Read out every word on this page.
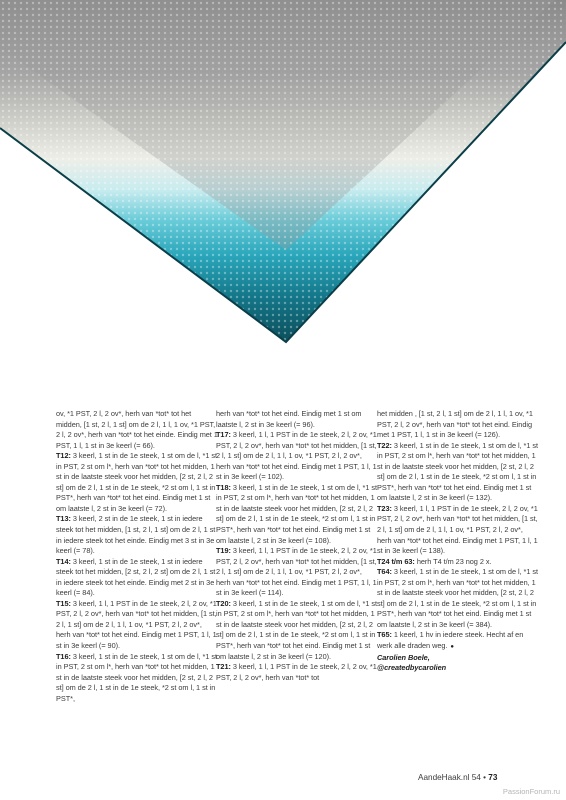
ov, *1 PST, 2 l, 2 ov*, herh van *tot* tot het midden, [1 st, 2 l, 1 st] om de 2 l, 1 l, 1 ov, *1 PST, 2 l, 2 ov*, herh van *tot* tot het einde. Eindig met 1 PST, 1 l, 1 st in 3e keerl (= 66).

T12: 3 keerl, 1 st in de 1e steek, 1 st om de l, *1 st in PST, 2 st om l*, herh van *tot* tot het midden, 1 st in de laatste steek voor het midden, [2 st, 2 l, 2 st] om de 2 l, 1 st in de 1e steek, *2 st om l, 1 st in PST*, herh van *tot* tot het eind. Eindig met 1 st om laatste l, 2 st in 3e keerl (= 72).

T13: 3 keerl, 2 st in de 1e steek, 1 st in iedere steek tot het midden, [1 st, 2 l, 1 st] om de 2 l, 1 st in iedere steek tot het einde. Eindig met 3 st in 3e keerl (= 78).

T14: 3 keerl, 1 st in de 1e steek, 1 st in iedere steek tot het midden, [2 st, 2 l, 2 st] om de 2 l, 1 st in iedere steek tot het einde. Eindig met 2 st in 3e keerl (= 84).

T15: 3 keerl, 1 l, 1 PST in de 1e steek, 2 l, 2 ov, *1 PST, 2 l, 2 ov*, herh van *tot* tot het midden, [1 st, 2 l, 1 st] om de 2 l, 1 l, 1 ov, *1 PST, 2 l, 2 ov*, herh van *tot* tot het eind. Eindig met 1 PST, 1 l, 1 st in 3e keerl (= 90).

T16: 3 keerl, 1 st in de 1e steek, 1 st om de l, *1 st in PST, 2 st om l*, herh van *tot* tot het midden, 1 st in de laatste steek voor het midden, [2 st, 2 l, 2 st] om de 2 l, 1 st in de 1e steek, *2 st om l, 1 st in PST*,

herh van *tot* tot het eind. Eindig met 1 st om laatste l, 2 st in 3e keerl (= 96).

T17: 3 keerl, 1 l, 1 PST in de 1e steek, 2 l, 2 ov, *1 PST, 2 l, 2 ov*, herh van *tot* tot het midden, [1 st, 2 l, 1 st] om de 2 l, 1 l, 1 ov, *1 PST, 2 l, 2 ov*, herh van *tot* tot het eind. Eindig met 1 PST, 1 l, 1 st in 3e keerl (= 102).

T18: 3 keerl, 1 st in de 1e steek, 1 st om de l, *1 st in PST, 2 st om l*, herh van *tot* tot het midden, 1 st in de laatste steek voor het midden, [2 st, 2 l, 2 st] om de 2 l, 1 st in de 1e steek, *2 st om l, 1 st in PST*, herh van *tot* tot het eind. Eindig met 1 st om laatste l, 2 st in 3e keerl (= 108).

T19: 3 keerl, 1 l, 1 PST in de 1e steek, 2 l, 2 ov, *1 PST, 2 l, 2 ov*, herh van *tot* tot het midden, [1 st, 2 l, 1 st] om de 2 l, 1 l, 1 ov, *1 PST, 2 l, 2 ov*, herh van *tot* tot het eind. Eindig met 1 PST, 1 l, 1 st in 3e keerl (= 114).

T20: 3 keerl, 1 st in de 1e steek, 1 st om de l, *1 st in PST, 2 st om l*, herh van *tot* tot het midden, 1 st in de laatste steek voor het midden, [2 st, 2 l, 2 st] om de 2 l, 1 st in de 1e steek, *2 st om l, 1 st in PST*, herh van *tot* tot het eind. Eindig met 1 st om laatste l, 2 st in 3e keerl (= 120).

T21: 3 keerl, 1 l, 1 PST in de 1e steek, 2 l, 2 ov, *1 PST, 2 l, 2 ov*, herh van *tot* tot

het midden , [1 st, 2 l, 1 st] om de 2 l, 1 l, 1 ov, *1 PST, 2 l, 2 ov*, herh van *tot* tot het eind. Eindig met 1 PST, 1 l, 1 st in 3e keerl (= 126).

T22: 3 keerl, 1 st in de 1e steek, 1 st om de l, *1 st in PST, 2 st om l*, herh van *tot* tot het midden, 1 st in de laatste steek voor het midden, [2 st, 2 l, 2 st] om de 2 l, 1 st in de 1e steek, *2 st om l, 1 st in PST*, herh van *tot* tot het eind. Eindig met 1 st om laatste l, 2 st in 3e keerl (= 132).

T23: 3 keerl, 1 l, 1 PST in de 1e steek, 2 l, 2 ov, *1 PST, 2 l, 2 ov*, herh van *tot* tot het midden, [1 st, 2 l, 1 st] om de 2 l, 1 l, 1 ov, *1 PST, 2 l, 2 ov*, herh van *tot* tot het eind. Eindig met 1 PST, 1 l, 1 st in 3e keerl (= 138).

T24 t/m 63: herh T4 t/m 23 nog 2 x.

T64: 3 keerl, 1 st in de 1e steek, 1 st om de l, *1 st in PST, 2 st om l*, herh van *tot* tot het midden, 1 st in de laatste steek voor het midden, [2 st, 2 l, 2 st] om de 2 l, 1 st in de 1e steek, *2 st om l, 1 st in PST*, herh van *tot* tot het eind. Eindig met 1 st om laatste l, 2 st in 3e keerl (= 384).

T65: 1 keerl, 1 hv in iedere steek. Hecht af en werk alle draden weg. ●

Carolien Boele,

@createdbycarolien

AandeHaak.nl 54 • 73
PassionForum.ru
